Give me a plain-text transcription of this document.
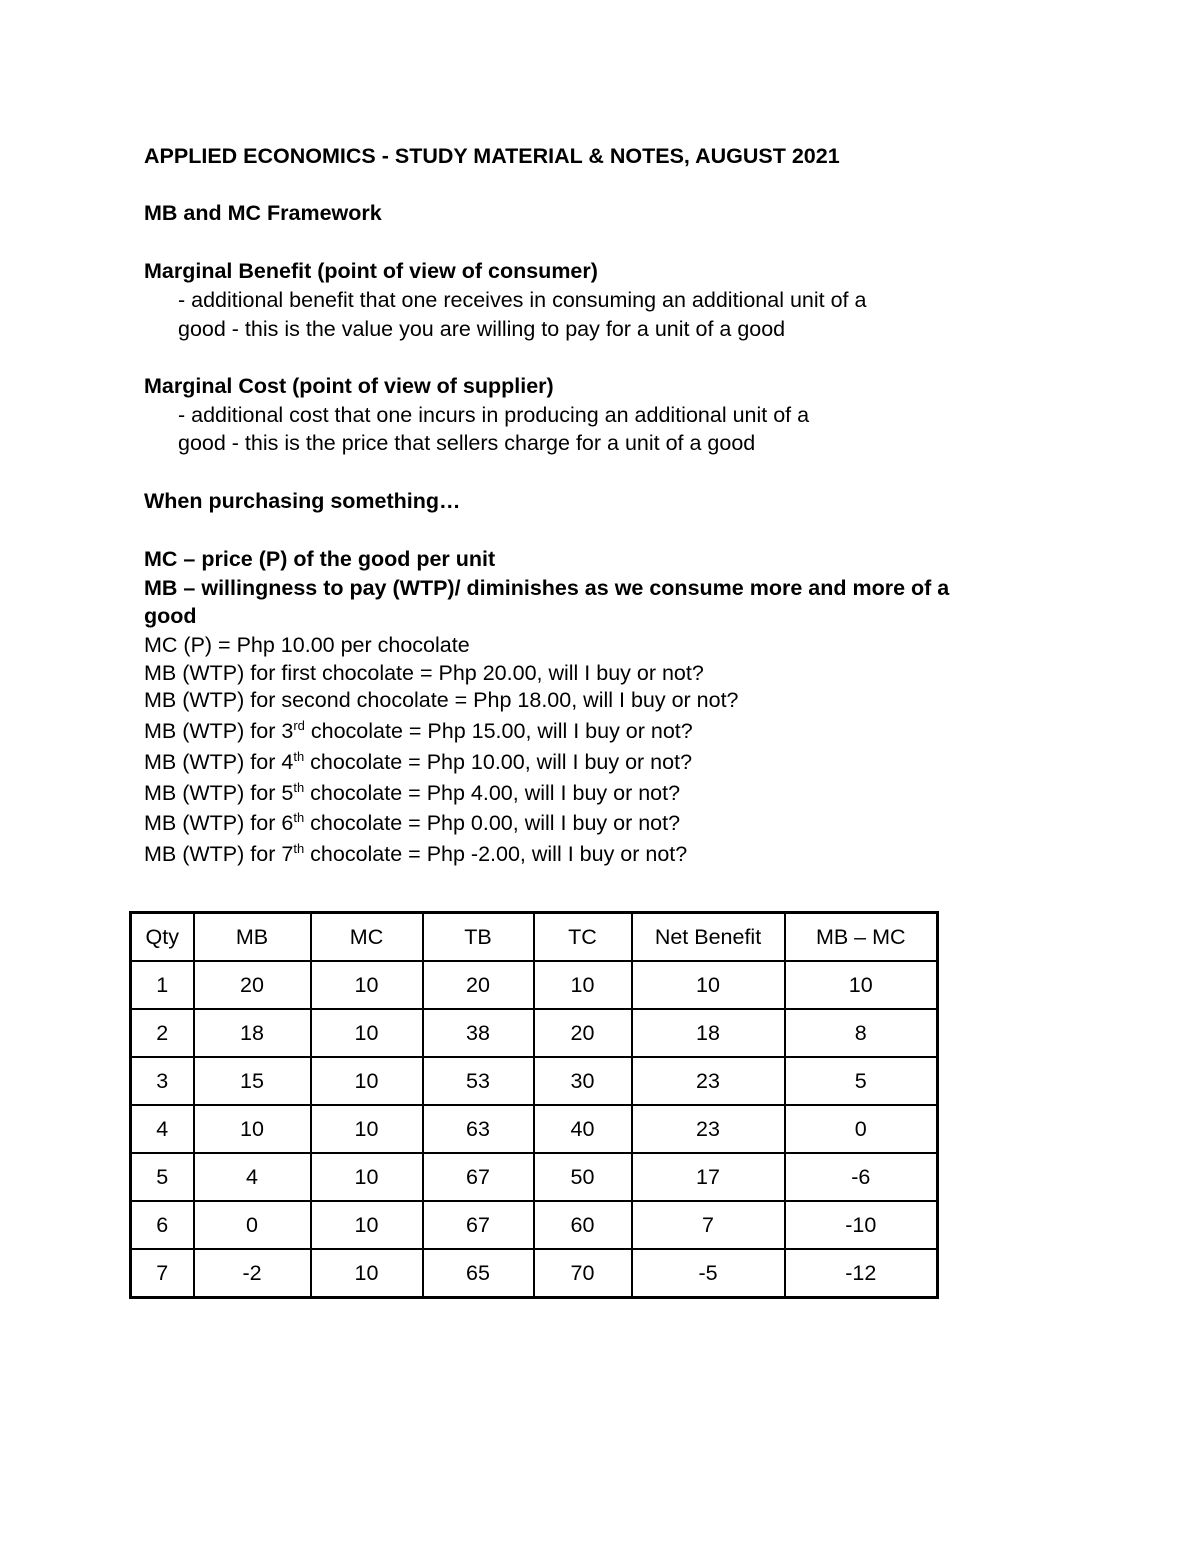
APPLIED ECONOMICS - STUDY MATERIAL & NOTES, AUGUST 2021
MB and MC Framework
Marginal Benefit (point of view of consumer)
- additional benefit that one receives in consuming an additional unit of a
good - this is the value you are willing to pay for a unit of a good
Marginal Cost (point of view of supplier)
- additional cost that one incurs in producing an additional unit of a
good - this is the price that sellers charge for a unit of a good
When purchasing something…
MC – price (P) of the good per unit
MB – willingness to pay (WTP)/ diminishes as we consume more and more of a
good
MC (P) = Php 10.00 per chocolate
MB (WTP) for first chocolate = Php 20.00, will I buy or not?
MB (WTP) for second chocolate = Php 18.00, will I buy or not?
MB (WTP) for 3rd chocolate = Php 15.00, will I buy or not?
MB (WTP) for 4th chocolate = Php 10.00, will I buy or not?
MB (WTP) for 5th chocolate = Php 4.00, will I buy or not?
MB (WTP) for 6th chocolate = Php 0.00, will I buy or not?
MB (WTP) for 7th chocolate = Php -2.00, will I buy or not?
Qty	MB	MC	TB	TC	Net Benefit	MB – MC
1	20	10	20	10	10	10
2	18	10	38	20	18	8
3	15	10	53	30	23	5
4	10	10	63	40	23	0
5	4	10	67	50	17	-6
6	0	10	67	60	7	-10
7	-2	10	65	70	-5	-12
